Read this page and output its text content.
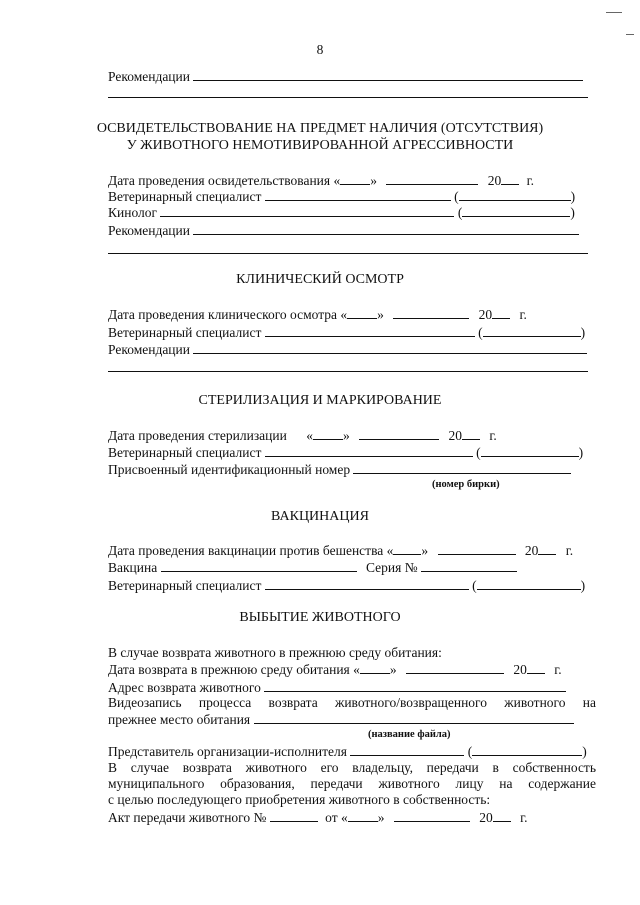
8
Рекомендации
ОСВИДЕТЕЛЬСТВОВАНИЕ НА ПРЕДМЕТ НАЛИЧИЯ (ОТСУТСТВИЯ)
У ЖИВОТНОГО НЕМОТИВИРОВАННОЙ АГРЕССИВНОСТИ
Дата проведения освидетельствования « »	20 г.
Ветеринарный специалист	(	)
Кинолог	(	)
Рекомендации
КЛИНИЧЕСКИЙ ОСМОТР
Дата проведения клинического осмотра « »	20 г.
Ветеринарный специалист	(	)
Рекомендации
СТЕРИЛИЗАЦИЯ И МАРКИРОВАНИЕ
Дата проведения стерилизации « »	20 г.
Ветеринарный специалист	(	)
Присвоенный идентификационный номер
(номер бирки)
ВАКЦИНАЦИЯ
Дата проведения вакцинации против бешенства « »	20 г.
Вакцина	Серия №
Ветеринарный специалист	(	)
ВЫБЫТИЕ ЖИВОТНОГО
В случае возврата животного в прежнюю среду обитания:
Дата возврата в прежнюю среду обитания « »	20 г.
Адрес возврата животного
Видеозапись процесса возврата животного/возвращенного животного на
прежнее место обитания
(название файла)
Представитель организации-исполнителя	(	)
В случае возврата животного его владельцу, передачи в собственность
муниципального образования, передачи животного лицу на содержание
с целью последующего приобретения животного в собственность:
Акт передачи животного №	от « »	20 г.
